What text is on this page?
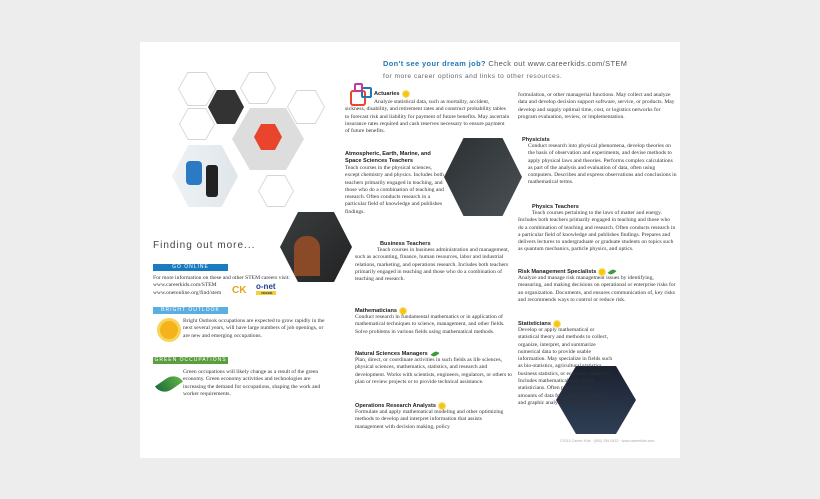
Don't see your dream job? Check out www.careerkids.com/STEM
for more career options and links to other resources.
Finding out more...
GO ONLINE
For more information on these and other STEM careers visit:
www.careerkids.com/STEM
www.onetonline.org/find/stem	CK o-net
ONLINE
BRIGHT OUTLOOK
Bright Outlook occupations are expected to grow rapidly in the next several years, will have large numbers of job openings, or are new and emerging occupations.
GREEN OCCUPATIONS
Green occupations will likely change as a result of the green economy. Green economy activities and technologies are increasing the demand for occupations, shaping the work and worker requirements.
Actuaries
Analyze statistical data, such as mortality, accident, sickness, disability, and retirement rates and construct probability tables to forecast risk and liability for payment of future benefits. May ascertain insurance rates required and cash reserves necessary to ensure payment of future benefits.
Atmospheric, Earth, Marine, and Space Sciences Teachers
Teach courses in the physical sciences, except chemistry and physics. Includes both teachers primarily engaged in teaching, and those who do a combination of teaching and research. Often conducts research in a particular field of knowledge and publishes findings.
Business Teachers
Teach courses in business administration and management, such as accounting, finance, human resources, labor and industrial relations, marketing, and operations research. Includes both teachers primarily engaged in teaching and those who do a combination of teaching and research.
Mathematicians
Conduct research in fundamental mathematics or in application of mathematical techniques to science, management, and other fields. Solve problems in various fields using mathematical methods.
Natural Sciences Managers
Plan, direct, or coordinate activities in such fields as life sciences, physical sciences, mathematics, statistics, and research and development. Works with scientists, engineers, regulators, or others to plan or review projects or to provide technical assistance.
Operations Research Analysts
Formulate and apply mathematical modeling and other optimizing methods to develop and interpret information that assists management with decision making, policy
formulation, or other managerial functions. May collect and analyze data and develop decision support software, service, or products. May develop and supply optimal time, cost, or logistics networks for program evaluation, review, or implementation.
Physicists
Conduct research into physical phenomena, develop theories on the basis of observation and experiments, and devise methods to apply physical laws and theories. Performs complex calculations as part of the analysis and evaluation of data, often using computers. Describes and express observations and conclusions in mathematical terms.
Physics Teachers
Teach courses pertaining to the laws of matter and energy. Includes both teachers primarily engaged in teaching and those who do a combination of teaching and research. Often conducts research in a particular field of knowledge and publishes findings. Prepares and delivers lectures to undergraduate or graduate students on topics such as quantum mechanics, particle physics, and optics.
Risk Management Specialists
Analyze and manage risk management issues by identifying, measuring, and making decisions on operational or enterprise risks for an organization. Documents, and ensures communication of, key risks and recommends ways to control or reduce risk.
Statisticians
Develop or apply mathematical or statistical theory and methods to collect, organize, interpret, and summarize numerical data to provide usable information. May specialize in fields such as bio-statistics, agricultural statistics, business statistics, or economic statistics. Includes mathematical and survey statisticians. Often processes large amounts of data for statistical modeling and graphic analysis, using computers.
©2015 Career Kids · (800) 259-0433 · www.careerkids.com
